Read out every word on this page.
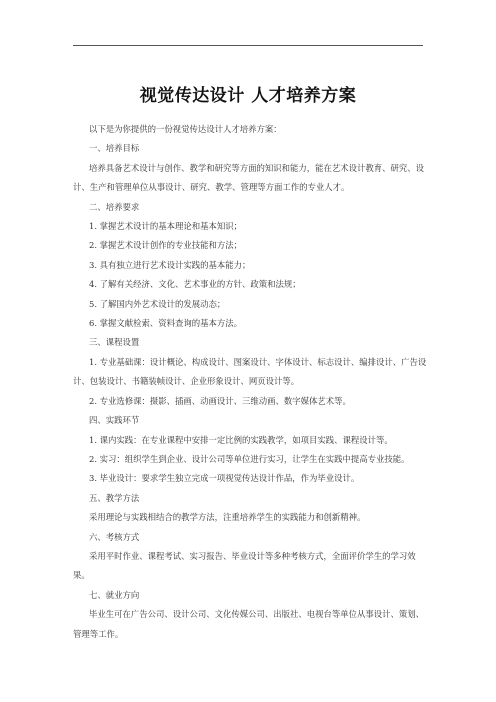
视觉传达设计 人才培养方案

以下是为你提供的一份视觉传达设计人才培养方案：

一、培养目标

培养具备艺术设计与创作、教学和研究等方面的知识和能力，能在艺术设计教育、研究、设计、生产和管理单位从事设计、研究、教学、管理等方面工作的专业人才。

二、培养要求

1. 掌握艺术设计的基本理论和基本知识；

2. 掌握艺术设计创作的专业技能和方法；

3. 具有独立进行艺术设计实践的基本能力；

4. 了解有关经济、文化、艺术事业的方针、政策和法规；

5. 了解国内外艺术设计的发展动态；

6. 掌握文献检索、资料查询的基本方法。

三、课程设置

1. 专业基础课：设计概论、构成设计、图案设计、字体设计、标志设计、编排设计、广告设计、包装设计、书籍装帧设计、企业形象设计、网页设计等。

2. 专业选修课：摄影、插画、动画设计、三维动画、数字媒体艺术等。

四、实践环节

1. 课内实践：在专业课程中安排一定比例的实践教学，如项目实践、课程设计等。

2. 实习：组织学生到企业、设计公司等单位进行实习，让学生在实践中提高专业技能。

3. 毕业设计：要求学生独立完成一项视觉传达设计作品，作为毕业设计。

五、教学方法

采用理论与实践相结合的教学方法，注重培养学生的实践能力和创新精神。

六、考核方式

采用平时作业、课程考试、实习报告、毕业设计等多种考核方式，全面评价学生的学习效果。

七、就业方向

毕业生可在广告公司、设计公司、文化传媒公司、出版社、电视台等单位从事设计、策划、管理等工作。
